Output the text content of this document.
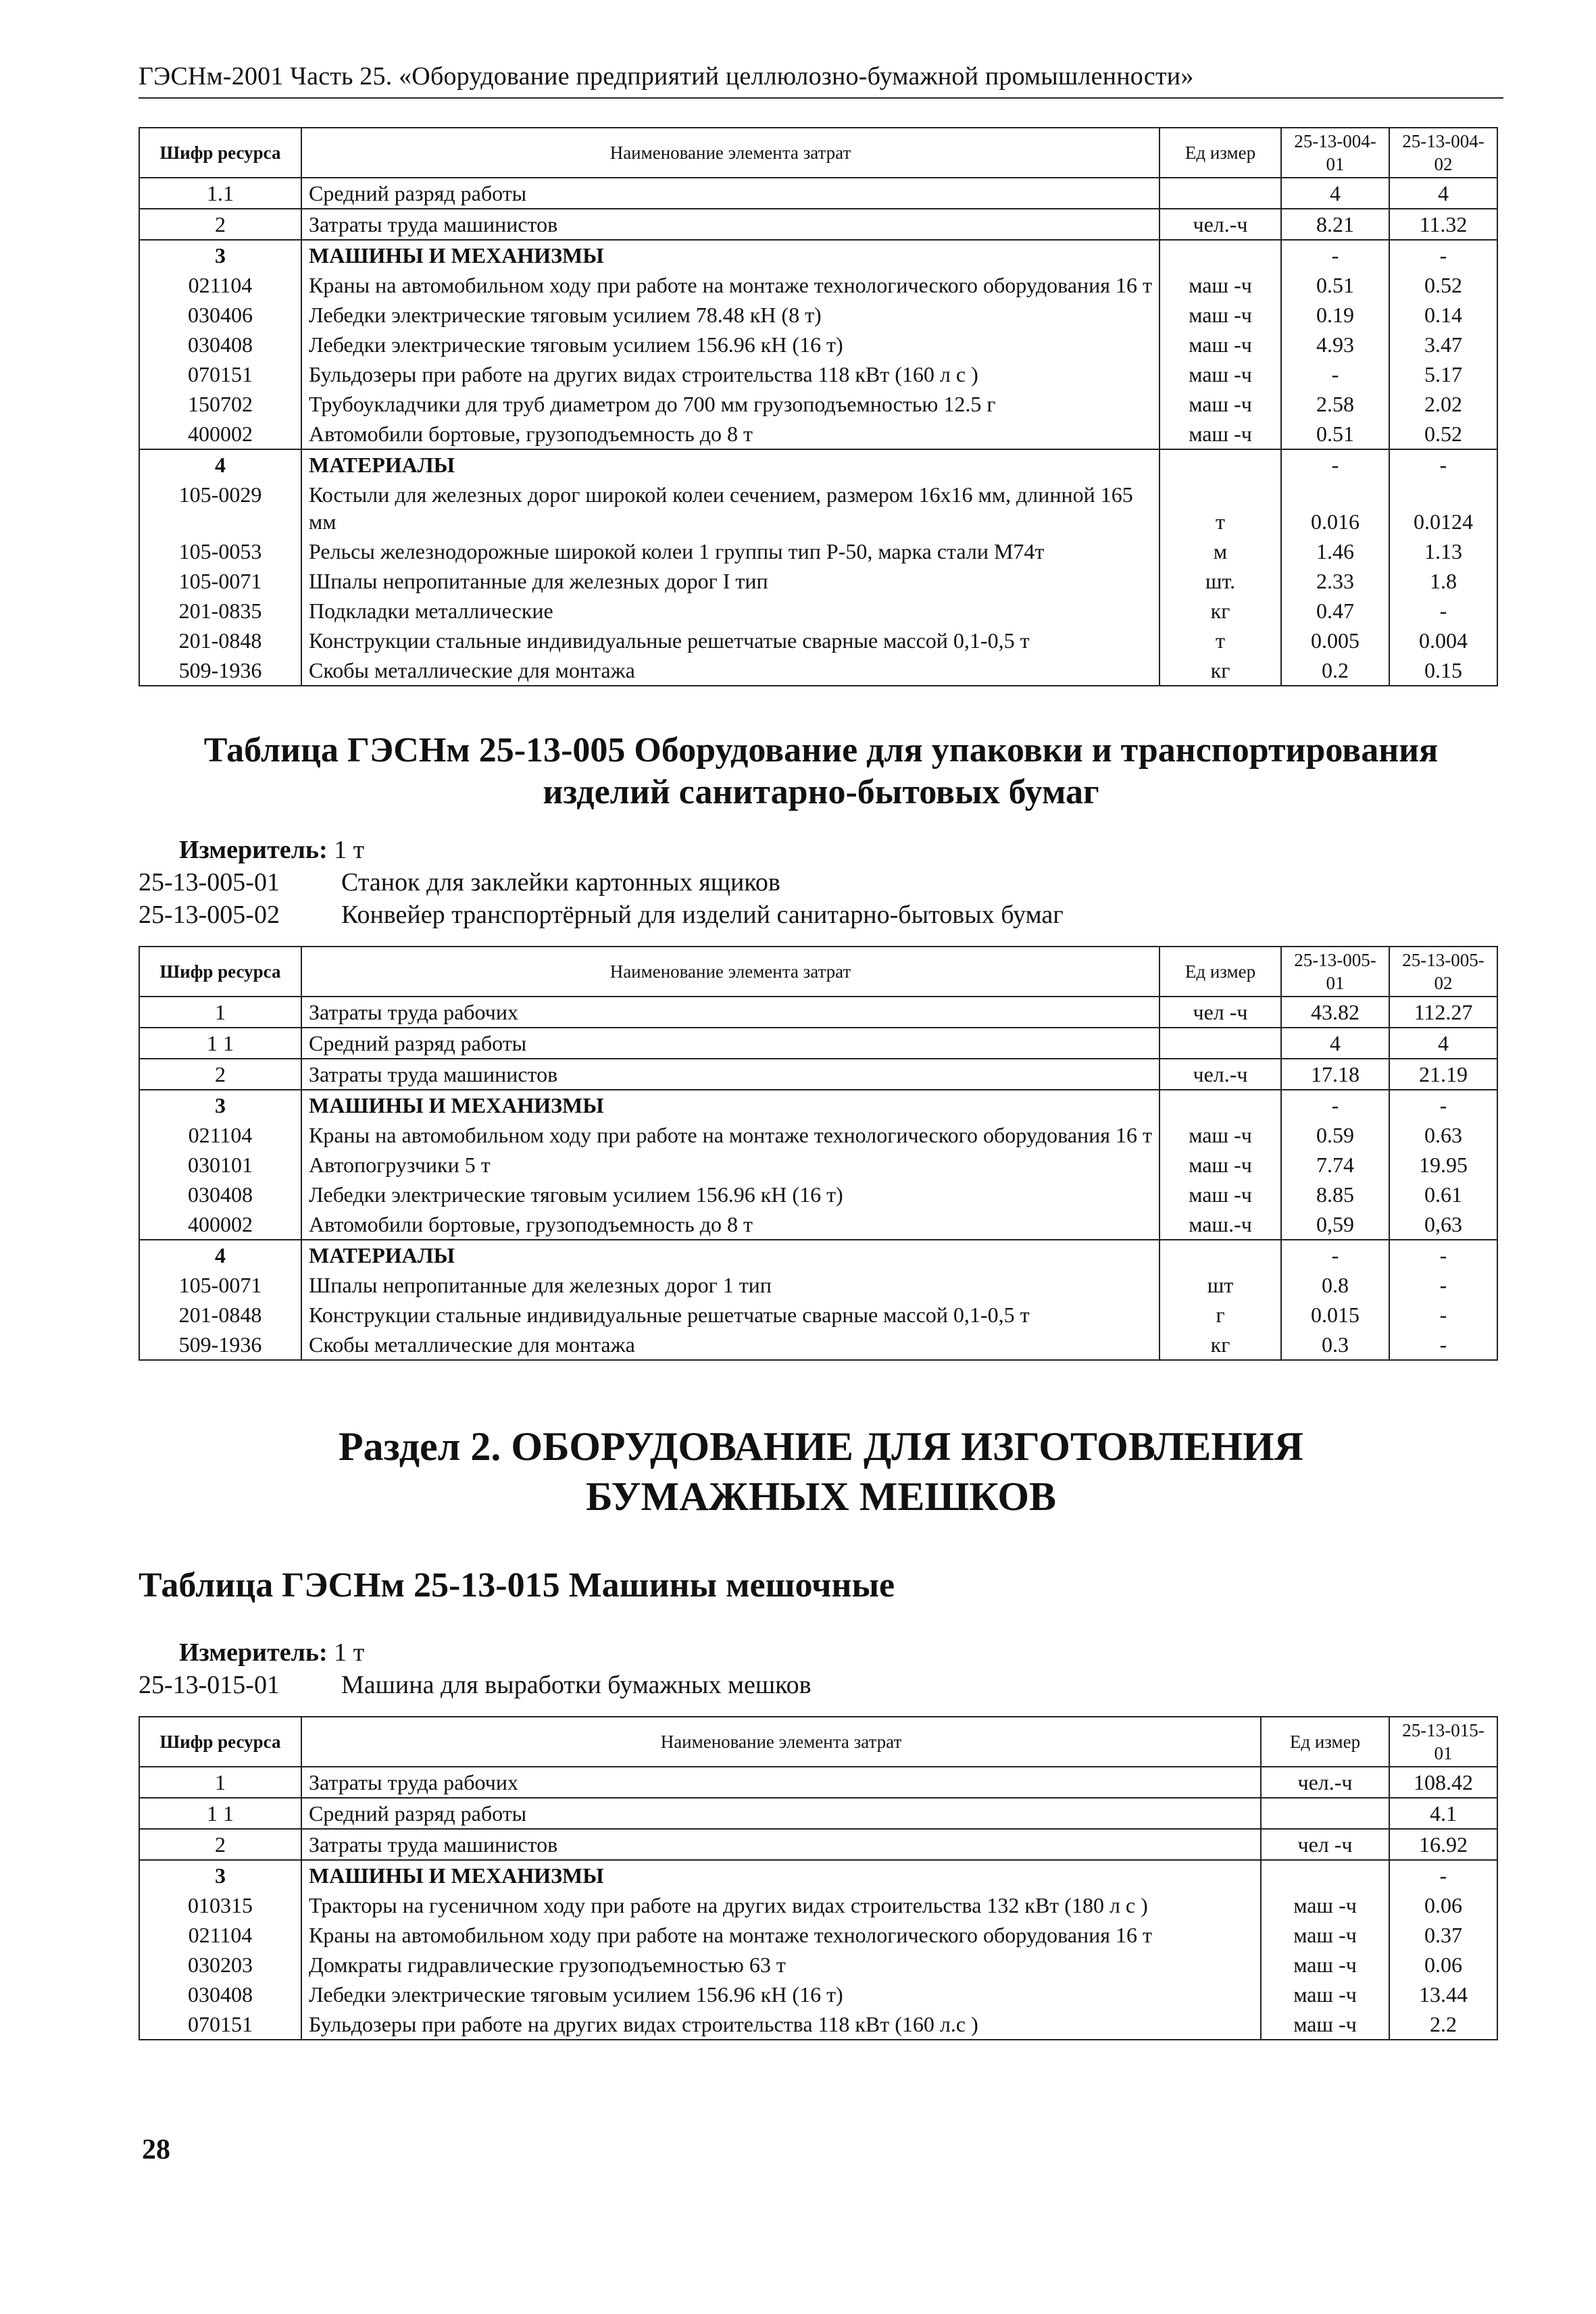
ГЭСНм-2001 Часть 25. «Оборудование предприятий целлюлозно-бумажной промышленности»
Шифр ресурса	Наименование элемента затрат	Ед измер	25-13-004-01	25-13-004-02
1.1	Средний разряд работы		4	4
2	Затраты труда машинистов	чел.-ч	8.21	11.32
3	МАШИНЫ И МЕХАНИЗМЫ		-	-
021104	Краны на автомобильном ходу при работе на монтаже технологического оборудования 16 т	маш -ч	0.51	0.52
030406	Лебедки электрические тяговым усилием 78.48 кН (8 т)	маш -ч	0.19	0.14
030408	Лебедки электрические тяговым усилием 156.96 кН (16 т)	маш -ч	4.93	3.47
070151	Бульдозеры при работе на других видах строительства 118 кВт (160 л с )	маш -ч	-	5.17
150702	Трубоукладчики для труб диаметром до 700 мм грузоподъемностью 12.5 г	маш -ч	2.58	2.02
400002	Автомобили бортовые, грузоподъемность до 8 т	маш -ч	0.51	0.52
4	МАТЕРИАЛЫ		-	-
105-0029	Костыли для железных дорог широкой колеи сечением, размером 16х16 мм, длинной 165 мм	т	0.016	0.0124
105-0053	Рельсы железнодорожные широкой колеи 1 группы тип Р-50, марка стали М74т	м	1.46	1.13
105-0071	Шпалы непропитанные для железных дорог I тип	шт.	2.33	1.8
201-0835	Подкладки металлические	кг	0.47	-
201-0848	Конструкции стальные индивидуальные решетчатые сварные массой 0,1-0,5 т	т	0.005	0.004
509-1936	Скобы металлические для монтажа	кг	0.2	0.15
Таблица ГЭСНм 25-13-005 Оборудование для упаковки и транспортирования изделий санитарно-бытовых бумаг
Измеритель: 1 т
25-13-005-01	Станок для заклейки картонных ящиков
25-13-005-02	Конвейер транспортёрный для изделий санитарно-бытовых бумаг
Шифр ресурса	Наименование элемента затрат	Ед измер	25-13-005-01	25-13-005-02
1	Затраты труда рабочих	чел -ч	43.82	112.27
1 1	Средний разряд работы		4	4
2	Затраты труда машинистов	чел.-ч	17.18	21.19
3	МАШИНЫ И МЕХАНИЗМЫ		-	-
021104	Краны на автомобильном ходу при работе на монтаже технологического оборудования 16 т	маш -ч	0.59	0.63
030101	Автопогрузчики 5 т	маш -ч	7.74	19.95
030408	Лебедки электрические тяговым усилием 156.96 кН (16 т)	маш -ч	8.85	0.61
400002	Автомобили бортовые, грузоподъемность до 8 т	маш.-ч	0,59	0,63
4	МАТЕРИАЛЫ		-	-
105-0071	Шпалы непропитанные для железных дорог 1 тип	шт	0.8	-
201-0848	Конструкции стальные индивидуальные решетчатые сварные массой 0,1-0,5 т	г	0.015	-
509-1936	Скобы металлические для монтажа	кг	0.3	-
Раздел 2. ОБОРУДОВАНИЕ ДЛЯ ИЗГОТОВЛЕНИЯ БУМАЖНЫХ МЕШКОВ
Таблица ГЭСНм 25-13-015 Машины мешочные
Измеритель: 1 т
25-13-015-01	Машина для выработки бумажных мешков
Шифр ресурса	Наименование элемента затрат	Ед измер	25-13-015-01
1	Затраты труда рабочих	чел.-ч	108.42
1 1	Средний разряд работы		4.1
2	Затраты труда машинистов	чел -ч	16.92
3	МАШИНЫ И МЕХАНИЗМЫ		-
010315	Тракторы на гусеничном ходу при работе на других видах строительства 132 кВт (180 л с )	маш -ч	0.06
021104	Краны на автомобильном ходу при работе на монтаже технологического оборудования 16 т	маш -ч	0.37
030203	Домкраты гидравлические грузоподъемностью 63 т	маш -ч	0.06
030408	Лебедки электрические тяговым усилием 156.96 кН (16 т)	маш -ч	13.44
070151	Бульдозеры при работе на других видах строительства 118 кВт (160 л.с )	маш -ч	2.2
28
